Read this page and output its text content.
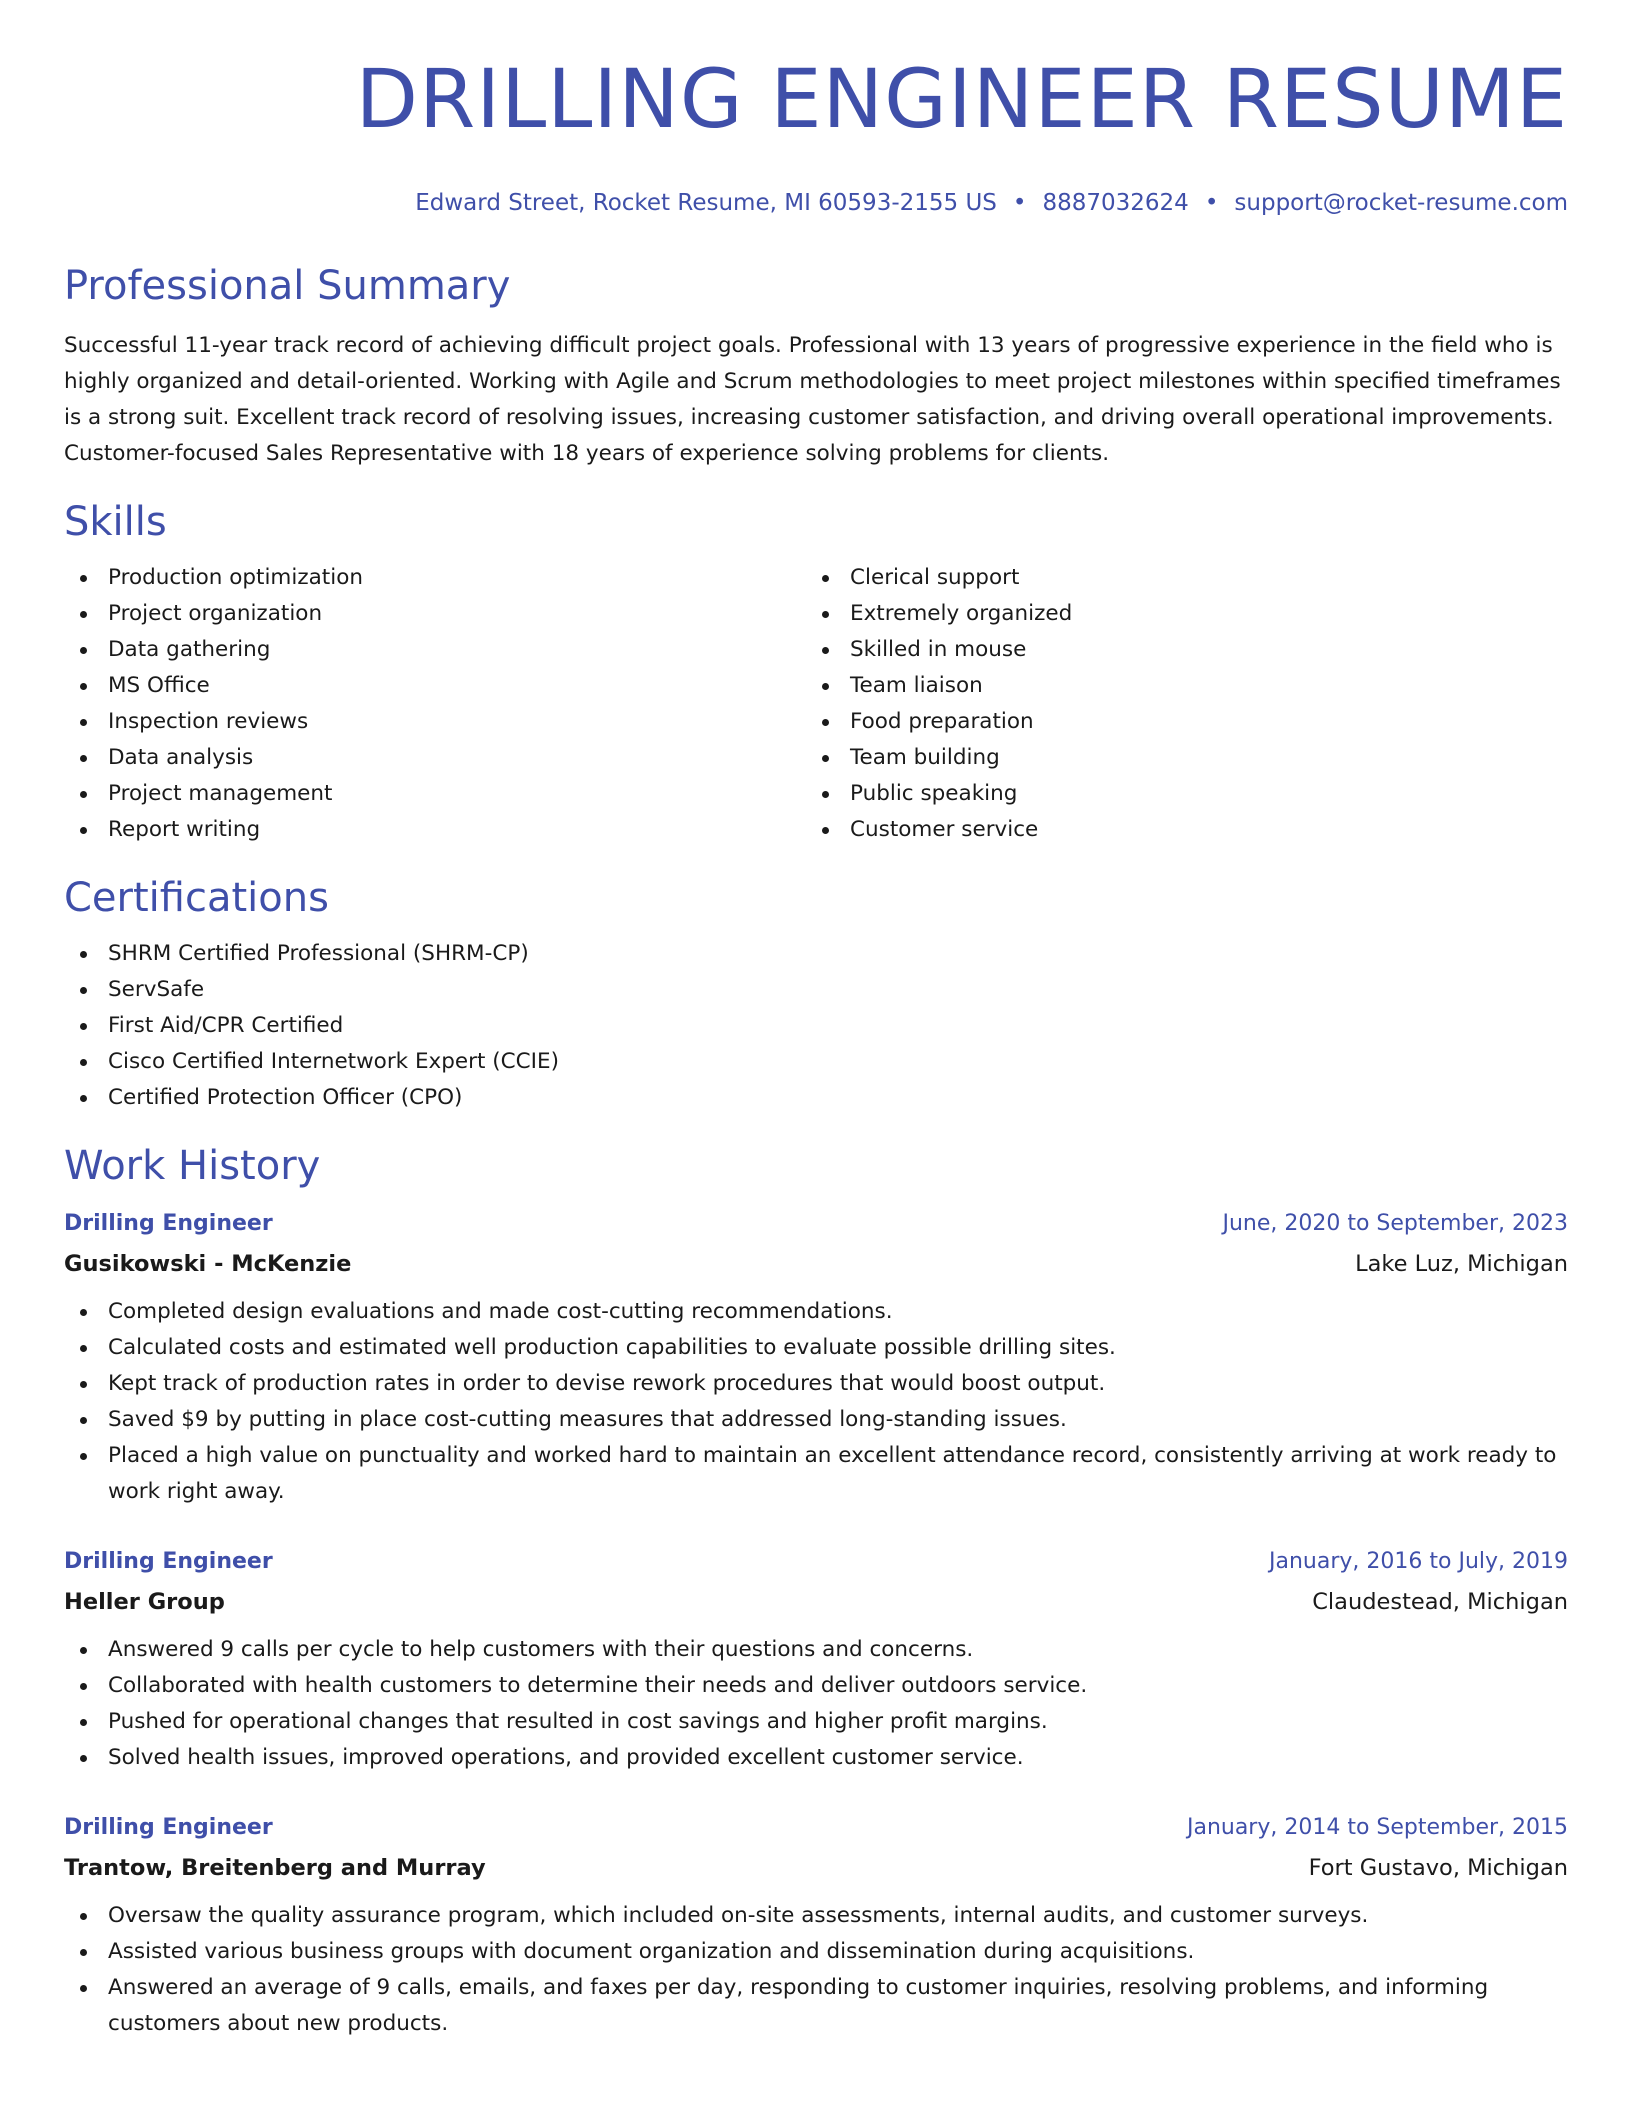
DRILLING ENGINEER RESUME
Edward Street, Rocket Resume, MI 60593-2155 US • 8887032624 • support@rocket-resume.com
Professional Summary
Successful 11-year track record of achieving difficult project goals. Professional with 13 years of progressive experience in the field who is highly organized and detail-oriented. Working with Agile and Scrum methodologies to meet project milestones within specified timeframes is a strong suit. Excellent track record of resolving issues, increasing customer satisfaction, and driving overall operational improvements. Customer-focused Sales Representative with 18 years of experience solving problems for clients.
Skills
Production optimization
Project organization
Data gathering
MS Office
Inspection reviews
Data analysis
Project management
Report writing
Clerical support
Extremely organized
Skilled in mouse
Team liaison
Food preparation
Team building
Public speaking
Customer service
Certifications
SHRM Certified Professional (SHRM-CP)
ServSafe
First Aid/CPR Certified
Cisco Certified Internetwork Expert (CCIE)
Certified Protection Officer (CPO)
Work History
Drilling Engineer	June, 2020 to September, 2023
Gusikowski - McKenzie	Lake Luz, Michigan
Completed design evaluations and made cost-cutting recommendations.
Calculated costs and estimated well production capabilities to evaluate possible drilling sites.
Kept track of production rates in order to devise rework procedures that would boost output.
Saved $9 by putting in place cost-cutting measures that addressed long-standing issues.
Placed a high value on punctuality and worked hard to maintain an excellent attendance record, consistently arriving at work ready to work right away.
Drilling Engineer	January, 2016 to July, 2019
Heller Group	Claudestead, Michigan
Answered 9 calls per cycle to help customers with their questions and concerns.
Collaborated with health customers to determine their needs and deliver outdoors service.
Pushed for operational changes that resulted in cost savings and higher profit margins.
Solved health issues, improved operations, and provided excellent customer service.
Drilling Engineer	January, 2014 to September, 2015
Trantow, Breitenberg and Murray	Fort Gustavo, Michigan
Oversaw the quality assurance program, which included on-site assessments, internal audits, and customer surveys.
Assisted various business groups with document organization and dissemination during acquisitions.
Answered an average of 9 calls, emails, and faxes per day, responding to customer inquiries, resolving problems, and informing customers about new products.
